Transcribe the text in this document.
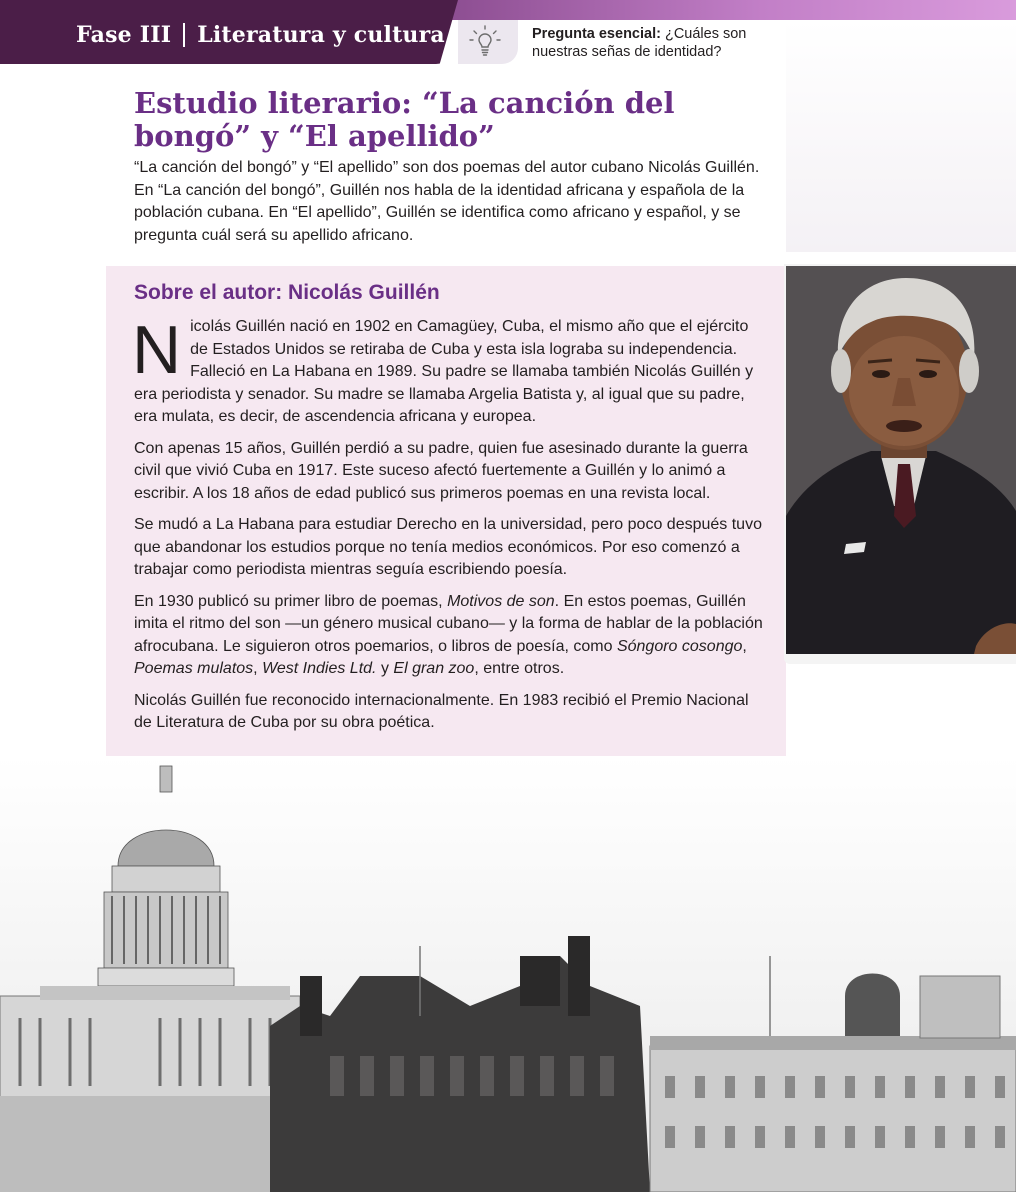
Fase III Literatura y cultura	Pregunta esencial: ¿Cuáles son nuestras señas de identidad?
Estudio literario: “La canción del bongó” y “El apellido”

“La canción del bongó” y “El apellido” son dos poemas del autor cubano Nicolás Guillén. En “La canción del bongó”, Guillén nos habla de la identidad africana y española de la población cubana. En “El apellido”, Guillén se identifica como africano y español, y se pregunta cuál será su apellido africano.

Sobre el autor: Nicolás Guillén

Nicolás Guillén nació en 1902 en Camagüey, Cuba, el mismo año que el ejército de Estados Unidos se retiraba de Cuba y esta isla lograba su independencia. Falleció en La Habana en 1989. Su padre se llamaba también Nicolás Guillén y era periodista y senador. Su madre se llamaba Argelia Batista y, al igual que su padre, era mulata, es decir, de ascendencia africana y europea.

Con apenas 15 años, Guillén perdió a su padre, quien fue asesinado durante la guerra civil que vivió Cuba en 1917. Este suceso afectó fuertemente a Guillén y lo animó a escribir. A los 18 años de edad publicó sus primeros poemas en una revista local.

Se mudó a La Habana para estudiar Derecho en la universidad, pero poco después tuvo que abandonar los estudios porque no tenía medios económicos. Por eso comenzó a trabajar como periodista mientras seguía escribiendo poesía.

En 1930 publicó su primer libro de poemas, Motivos de son. En estos poemas, Guillén imita el ritmo del son —un género musical cubano— y la forma de hablar de la población afrocubana. Le siguieron otros poemarios, o libros de poesía, como Sóngoro cosongo, Poemas mulatos, West Indies Ltd. y El gran zoo, entre otros.

Nicolás Guillén fue reconocido internacionalmente. En 1983 recibió el Premio Nacional de Literatura de Cuba por su obra poética.
